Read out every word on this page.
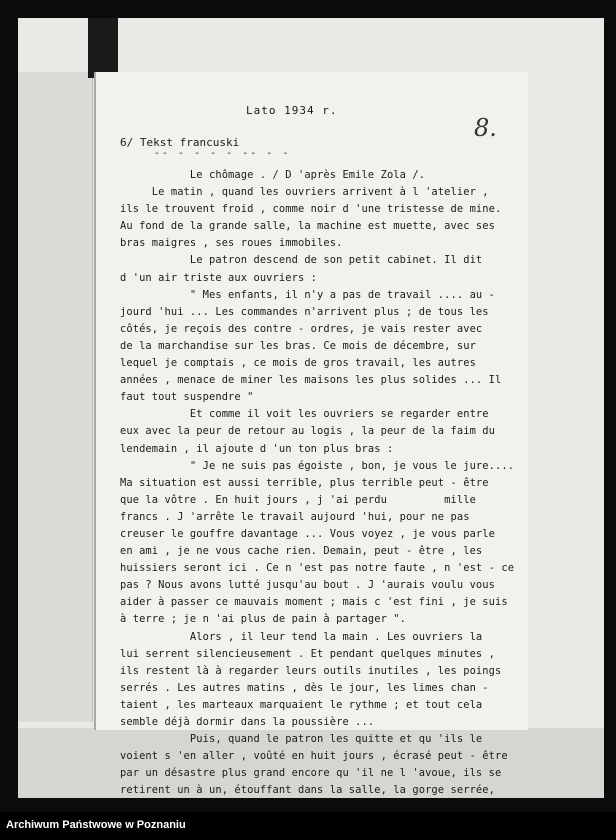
Lato 1934 r.
8.
6/ Tekst francuski
-- - - - - -- - -
Le chômage . / D 'après Emile Zola /.
Le matin , quand les ouvriers arrivent à l 'atelier ,
ils le trouvent froid , comme noir d 'une tristesse de mine.
Au fond de la grande salle, la machine est muette, avec ses
bras maigres , ses roues immobiles.
Le patron descend de son petit cabinet. Il dit
d 'un air triste aux ouvriers :
" Mes enfants, il n'y a pas de travail .... au -
jourd 'hui ... Les commandes n'arrivent plus ; de tous les
côtés, je reçois des contre - ordres, je vais rester avec
de la marchandise sur les bras. Ce mois de décembre, sur
lequel je comptais , ce mois de gros travail, les autres
années , menace de miner les maisons les plus solides ... Il
faut tout suspendre "
Et comme il voit les ouvriers se regarder entre
eux avec la peur de retour au logis , la peur de la faim du
lendemain , il ajoute d 'un ton plus bras :
" Je ne suis pas égoiste , bon, je vous le jure....
Ma situation est aussi terrible, plus terrible peut - être
que la vôtre . En huit jours , j 'ai perdu         mille
francs . J 'arrête le travail aujourd 'hui, pour ne pas
creuser le gouffre davantage ... Vous voyez , je vous parle
en ami , je ne vous cache rien. Demain, peut - être , les
huissiers seront ici . Ce n 'est pas notre faute , n 'est - ce
pas ? Nous avons lutté jusqu'au bout . J 'aurais voulu vous
aider à passer ce mauvais moment ; mais c 'est fini , je suis
à terre ; je n 'ai plus de pain à partager ".
Alors , il leur tend la main . Les ouvriers la
lui serrent silencieusement . Et pendant quelques minutes ,
ils restent là à regarder leurs outils inutiles , les poings
serrés . Les autres matins , dès le jour, les limes chan -
taient , les marteaux marquaient le rythme ; et tout cela
semble déjà dormir dans la poussière ...
Puis, quand le patron les quitte et qu 'ils le
voient s 'en aller , voûté en huit jours , écrasé peut - être
par un désastre plus grand encore qu 'il ne l 'avoue, ils se
retirent un à un, étouffant dans la salle, la gorge serrée,
Archiwum Państwowe w Poznaniu
